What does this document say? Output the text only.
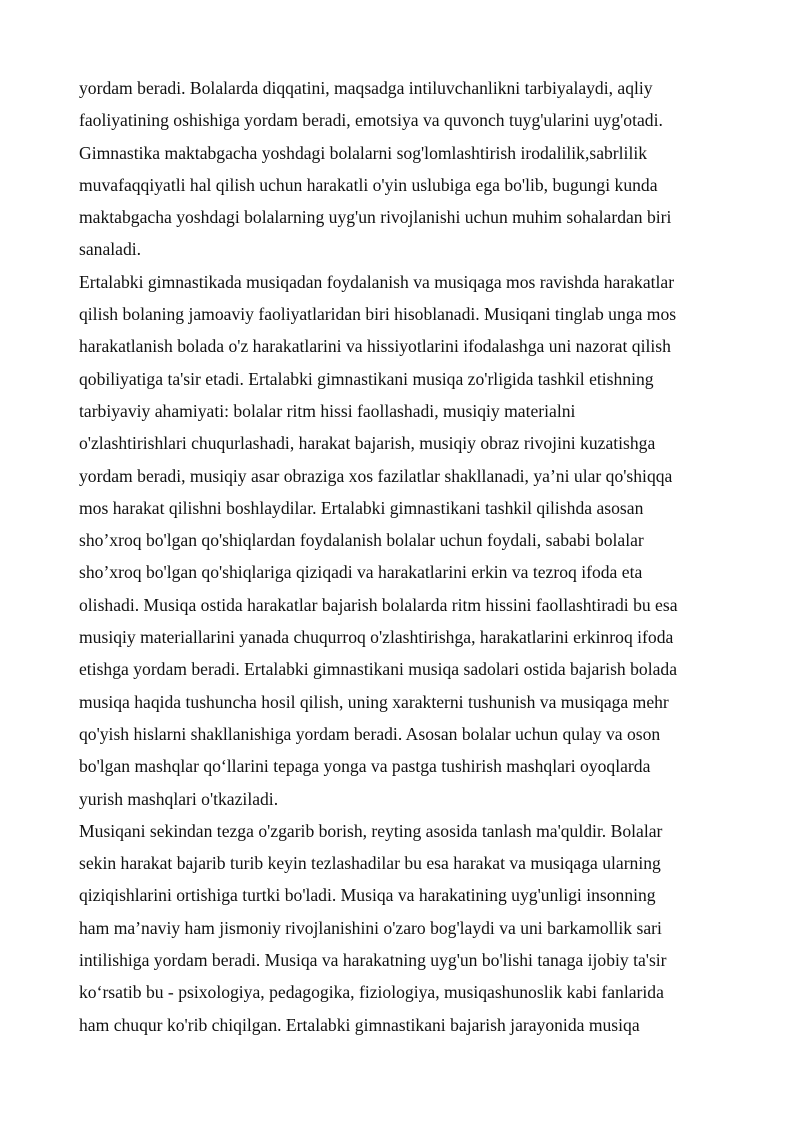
yordam beradi. Bolalarda diqqatini, maqsadga intiluvchanlikni tarbiyalaydi, aqliy
faoliyatining oshishiga yordam beradi, emotsiya va quvonch tuyg'ularini uyg'otadi.
Gimnastika maktabgacha yoshdagi bolalarni sog'lomlashtirish irodalilik,sabrlilik
muvafaqqiyatli hal qilish uchun harakatli o'yin uslubiga ega bo'lib, bugungi kunda
maktabgacha yoshdagi bolalarning uyg'un rivojlanishi uchun muhim sohalardan biri
sanaladi.
Ertalabki gimnastikada musiqadan foydalanish va musiqaga mos ravishda harakatlar
qilish bolaning jamoaviy faoliyatlaridan biri hisoblanadi. Musiqani tinglab unga mos
harakatlanish bolada o'z harakatlarini va hissiyotlarini ifodalashga uni nazorat qilish
qobiliyatiga ta'sir etadi. Ertalabki gimnastikani musiqa zo'rligida tashkil etishning
tarbiyaviy ahamiyati: bolalar ritm hissi faollashadi, musiqiy materialni
o'zlashtirishlari chuqurlashadi, harakat bajarish, musiqiy obraz rivojini kuzatishga
yordam beradi, musiqiy asar obraziga xos fazilatlar shakllanadi, ya’ni ular qo'shiqqa
mos harakat qilishni boshlaydilar. Ertalabki gimnastikani tashkil qilishda asosan
sho’xroq bo'lgan qo'shiqlardan foydalanish bolalar uchun foydali, sababi bolalar
sho’xroq bo'lgan qo'shiqlariga qiziqadi va harakatlarini erkin va tezroq ifoda eta
olishadi. Musiqa ostida harakatlar bajarish bolalarda ritm hissini faollashtiradi bu esa
musiqiy materiallarini yanada chuqurroq o'zlashtirishga, harakatlarini erkinroq ifoda
etishga yordam beradi. Ertalabki gimnastikani musiqa sadolari ostida bajarish bolada
musiqa haqida tushuncha hosil qilish, uning xarakterni tushunish va musiqaga mehr
qo'yish hislarni shakllanishiga yordam beradi. Asosan bolalar uchun qulay va oson
bo'lgan mashqlar qo‘llarini tepaga yonga va pastga tushirish mashqlari oyoqlarda
yurish mashqlari o'tkaziladi.
Musiqani sekindan tezga o'zgarib borish, reyting asosida tanlash ma'quldir. Bolalar
sekin harakat bajarib turib keyin tezlashadilar bu esa harakat va musiqaga ularning
qiziqishlarini ortishiga turtki bo'ladi. Musiqa va harakatining uyg'unligi insonning
ham ma’naviy ham jismoniy rivojlanishini o'zaro bog'laydi va uni barkamollik sari
intilishiga yordam beradi. Musiqa va harakatning uyg'un bo'lishi tanaga ijobiy ta'sir
ko‘rsatib bu - psixologiya, pedagogika, fiziologiya, musiqashunoslik kabi fanlarida
ham chuqur ko'rib chiqilgan. Ertalabki gimnastikani bajarish jarayonida musiqa
